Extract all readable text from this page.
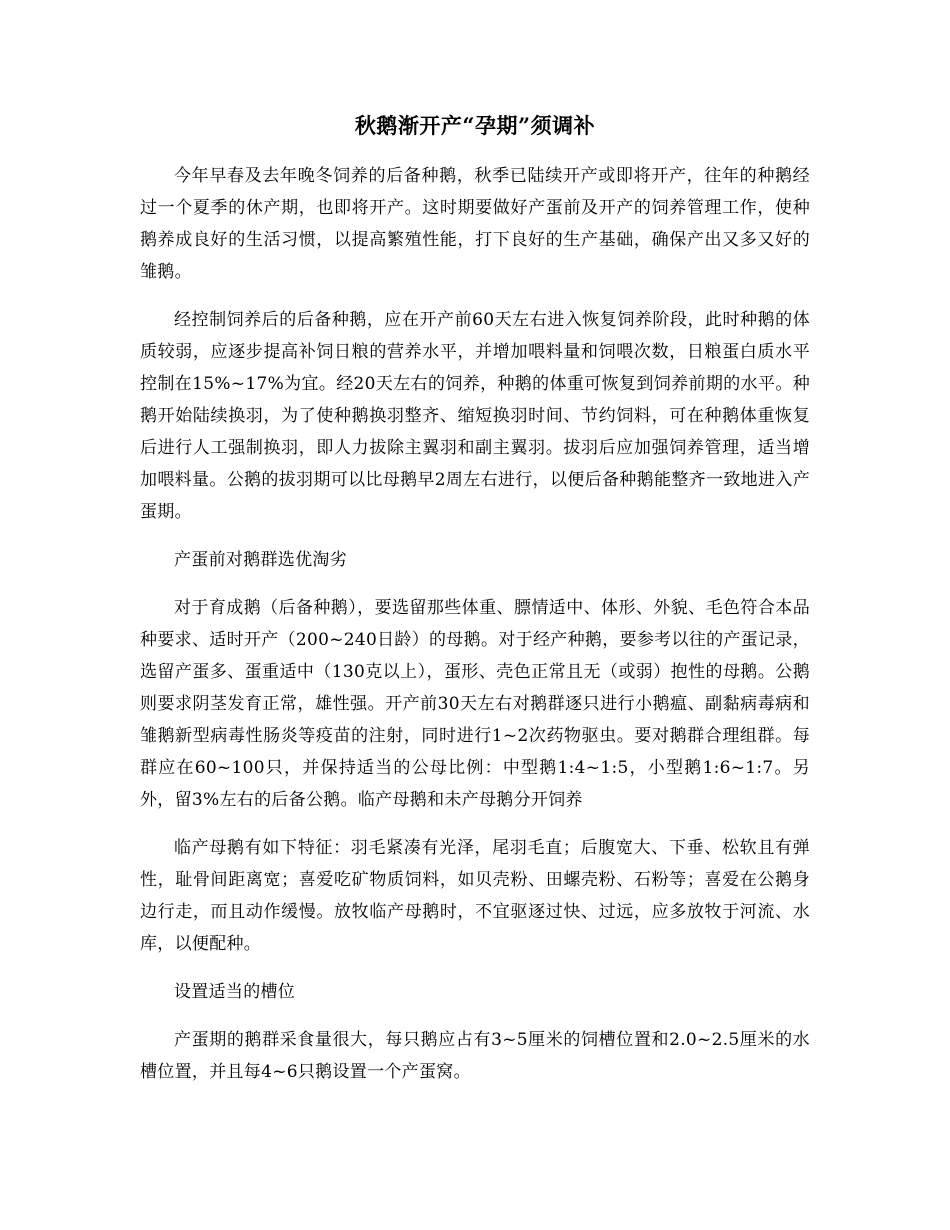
秋鹅渐开产“孕期”须调补

今年早春及去年晚冬饲养的后备种鹅，秋季已陆续开产或即将开产，往年的种鹅经过一个夏季的休产期，也即将开产。这时期要做好产蛋前及开产的饲养管理工作，使种鹅养成良好的生活习惯，以提高繁殖性能，打下良好的生产基础，确保产出又多又好的雏鹅。

经控制饲养后的后备种鹅，应在开产前60天左右进入恢复饲养阶段，此时种鹅的体质较弱，应逐步提高补饲日粮的营养水平，并增加喂料量和饲喂次数，日粮蛋白质水平控制在15%~17%为宜。经20天左右的饲养，种鹅的体重可恢复到饲养前期的水平。种鹅开始陆续换羽，为了使种鹅换羽整齐、缩短换羽时间、节约饲料，可在种鹅体重恢复后进行人工强制换羽，即人力拔除主翼羽和副主翼羽。拔羽后应加强饲养管理，适当增加喂料量。公鹅的拔羽期可以比母鹅早2周左右进行，以便后备种鹅能整齐一致地进入产蛋期。

产蛋前对鹅群选优淘劣

对于育成鹅（后备种鹅），要选留那些体重、膘情适中、体形、外貌、毛色符合本品种要求、适时开产（200~240日龄）的母鹅。对于经产种鹅，要参考以往的产蛋记录，选留产蛋多、蛋重适中（130克以上），蛋形、壳色正常且无（或弱）抱性的母鹅。公鹅则要求阴茎发育正常，雄性强。开产前30天左右对鹅群逐只进行小鹅瘟、副黏病毒病和雏鹅新型病毒性肠炎等疫苗的注射，同时进行1~2次药物驱虫。要对鹅群合理组群。每群应在60~100只，并保持适当的公母比例：中型鹅1:4~1:5，小型鹅1:6~1:7。另外，留3%左右的后备公鹅。临产母鹅和未产母鹅分开饲养

临产母鹅有如下特征：羽毛紧凑有光泽，尾羽毛直；后腹宽大、下垂、松软且有弹性，耻骨间距离宽；喜爱吃矿物质饲料，如贝壳粉、田螺壳粉、石粉等；喜爱在公鹅身边行走，而且动作缓慢。放牧临产母鹅时，不宜驱逐过快、过远，应多放牧于河流、水库，以便配种。

设置适当的槽位

产蛋期的鹅群采食量很大，每只鹅应占有3~5厘米的饲槽位置和2.0~2.5厘米的水槽位置，并且每4~6只鹅设置一个产蛋窝。
